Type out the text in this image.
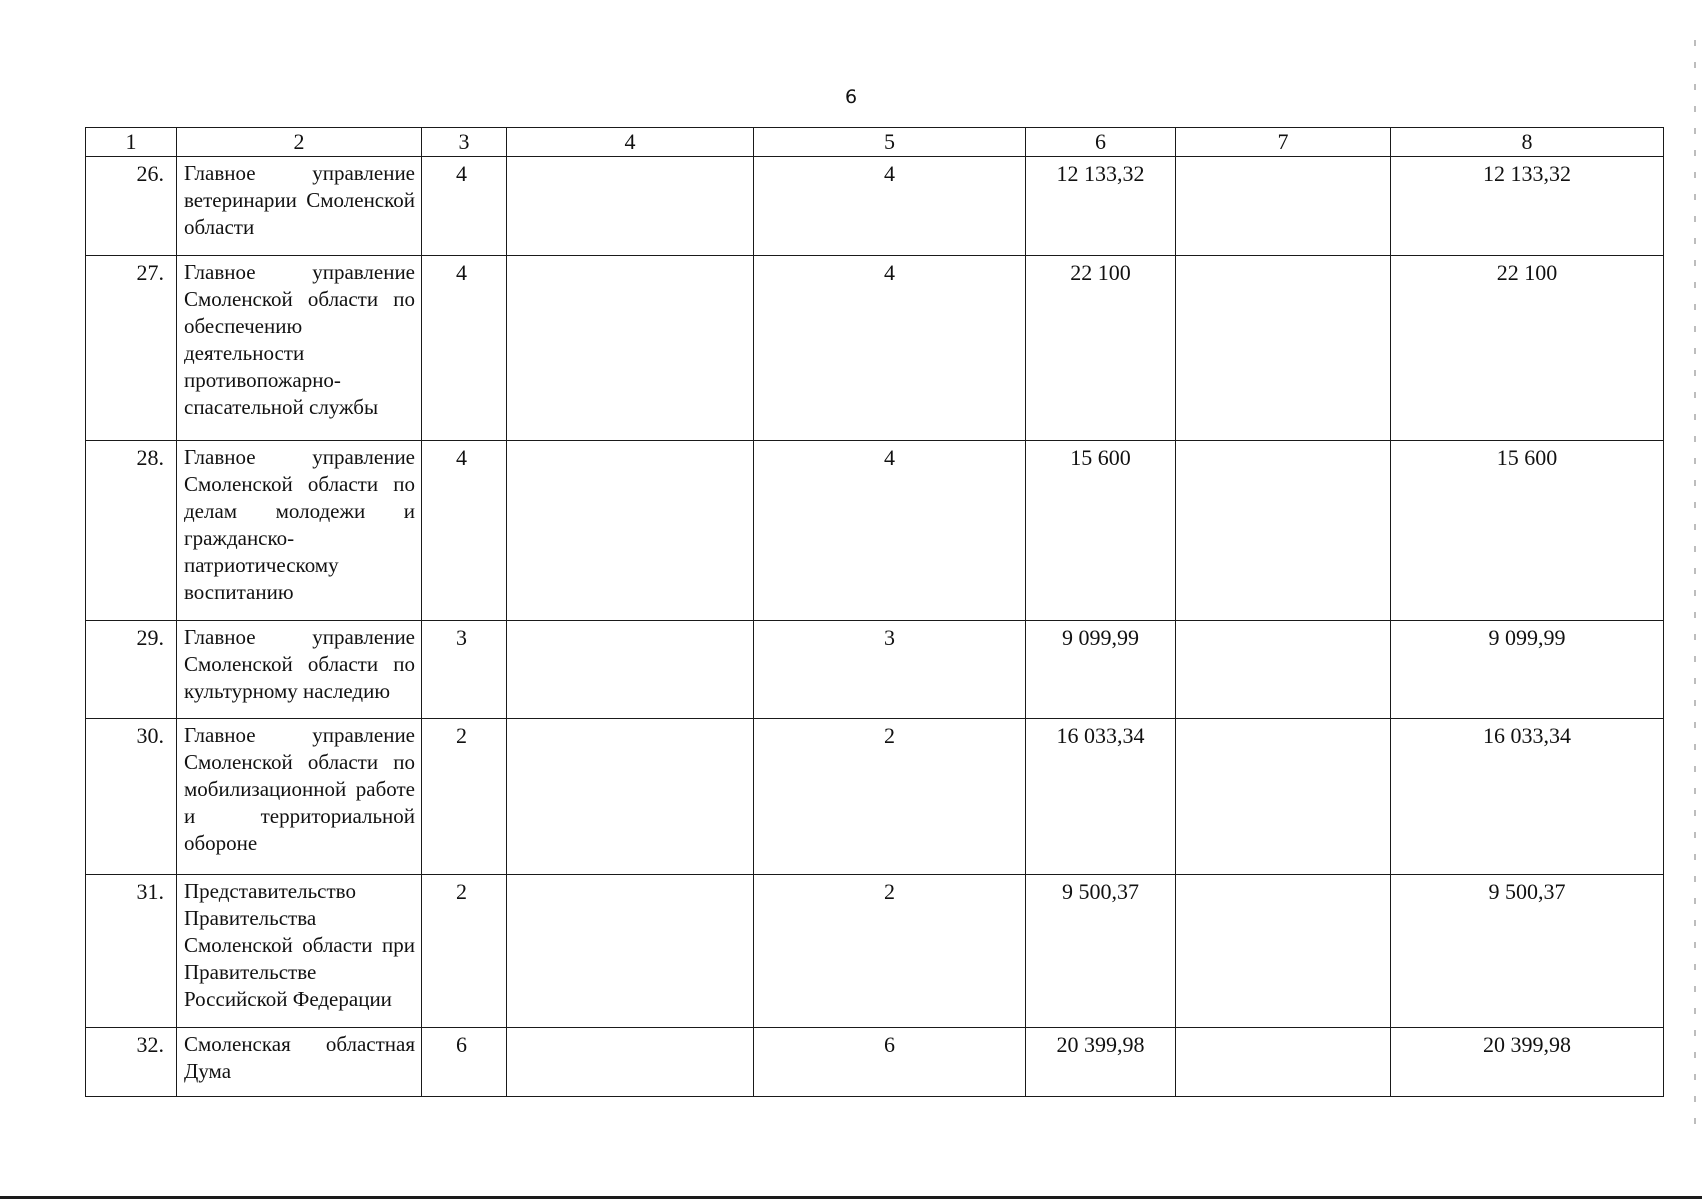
6
1	2	3	4	5	6	7	8
26.	Главное управление ветеринарии Смоленской области	4		4	12 133,32		12 133,32
27.	Главное управление Смоленской области по обеспечению деятельности противопожарно-спасательной службы	4		4	22 100		22 100
28.	Главное управление Смоленской области по делам молодежи и гражданско-патриотическому воспитанию	4		4	15 600		15 600
29.	Главное управление Смоленской области по культурному наследию	3		3	9 099,99		9 099,99
30.	Главное управление Смоленской области по мобилизационной работе и территориальной обороне	2		2	16 033,34		16 033,34
31.	Представительство Правительства Смоленской области при Правительстве Российской Федерации	2		2	9 500,37		9 500,37
32.	Смоленская областная Дума	6		6	20 399,98		20 399,98
